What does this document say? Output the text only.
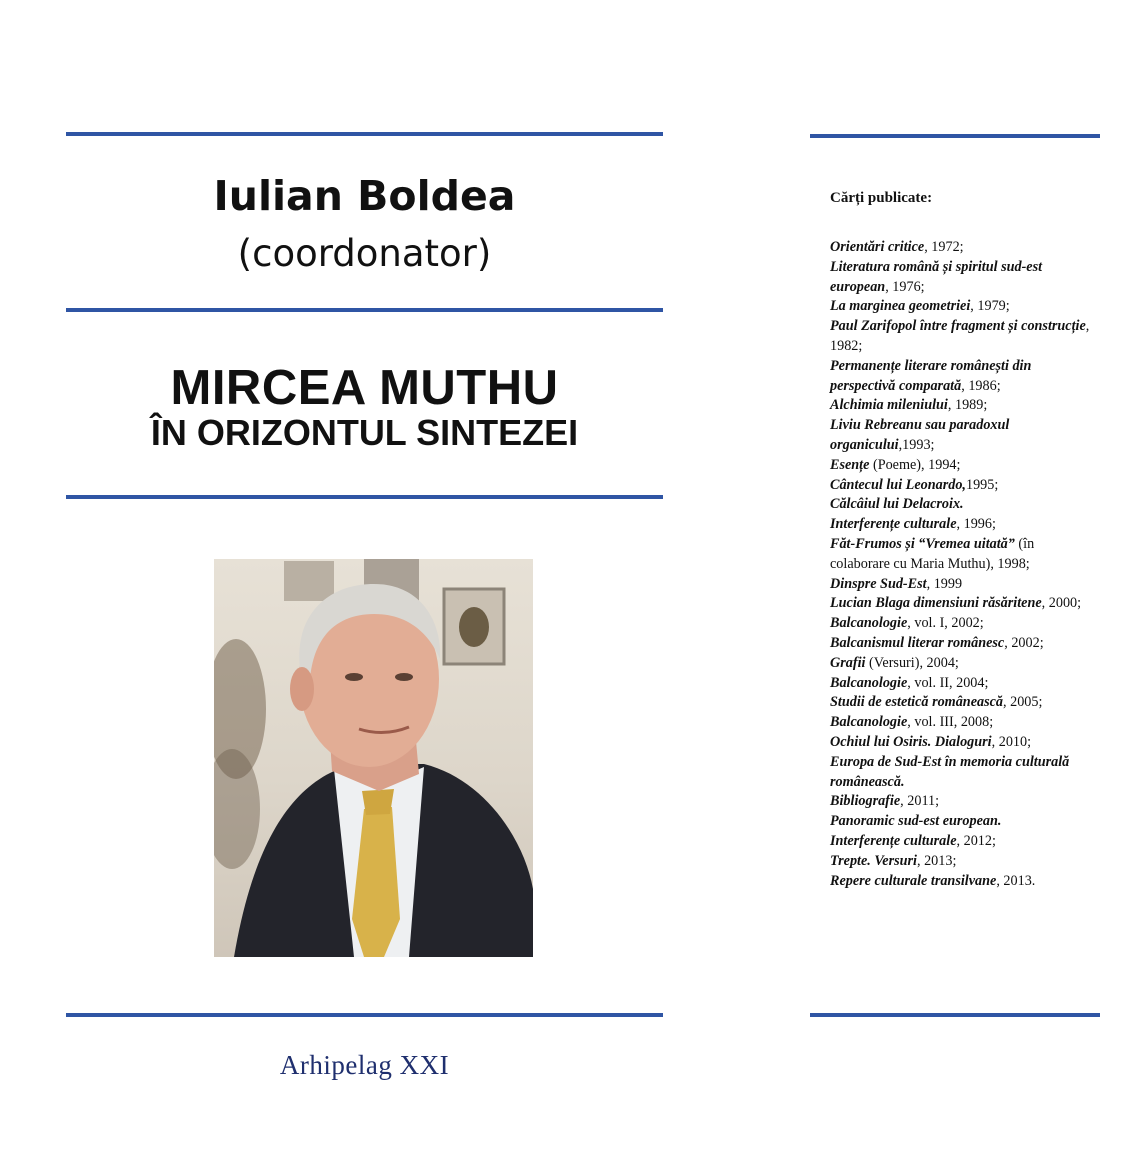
Iulian Boldea
(coordonator)
MIRCEA MUTHU
ÎN ORIZONTUL SINTEZEI
Arhipelag XXI
Cărți publicate:
Orientări critice, 1972;
Literatura română și spiritul sud-est european, 1976;
La marginea geometriei, 1979;
Paul Zarifopol între fragment și construcție, 1982;
Permanențe literare românești din perspectivă comparată, 1986;
Alchimia mileniului, 1989;
Liviu Rebreanu sau paradoxul organicului,1993;
Esențe (Poeme), 1994;
Cântecul lui Leonardo,1995;
Călcâiul lui Delacroix.
Interferențe culturale, 1996;
Făt-Frumos și “Vremea uitată” (în colaborare cu Maria Muthu), 1998;
Dinspre Sud-Est, 1999
Lucian Blaga dimensiuni răsăritene, 2000;
Balcanologie, vol. I, 2002;
Balcanismul literar românesc, 2002;
Grafii (Versuri), 2004;
Balcanologie, vol. II, 2004;
Studii de estetică românească, 2005;
Balcanologie, vol. III, 2008;
Ochiul lui Osiris. Dialoguri, 2010;
Europa de Sud-Est în memoria culturală românească.
Bibliografie, 2011;
Panoramic sud-est european.
Interferențe culturale, 2012;
Trepte. Versuri, 2013;
Repere culturale transilvane, 2013.
